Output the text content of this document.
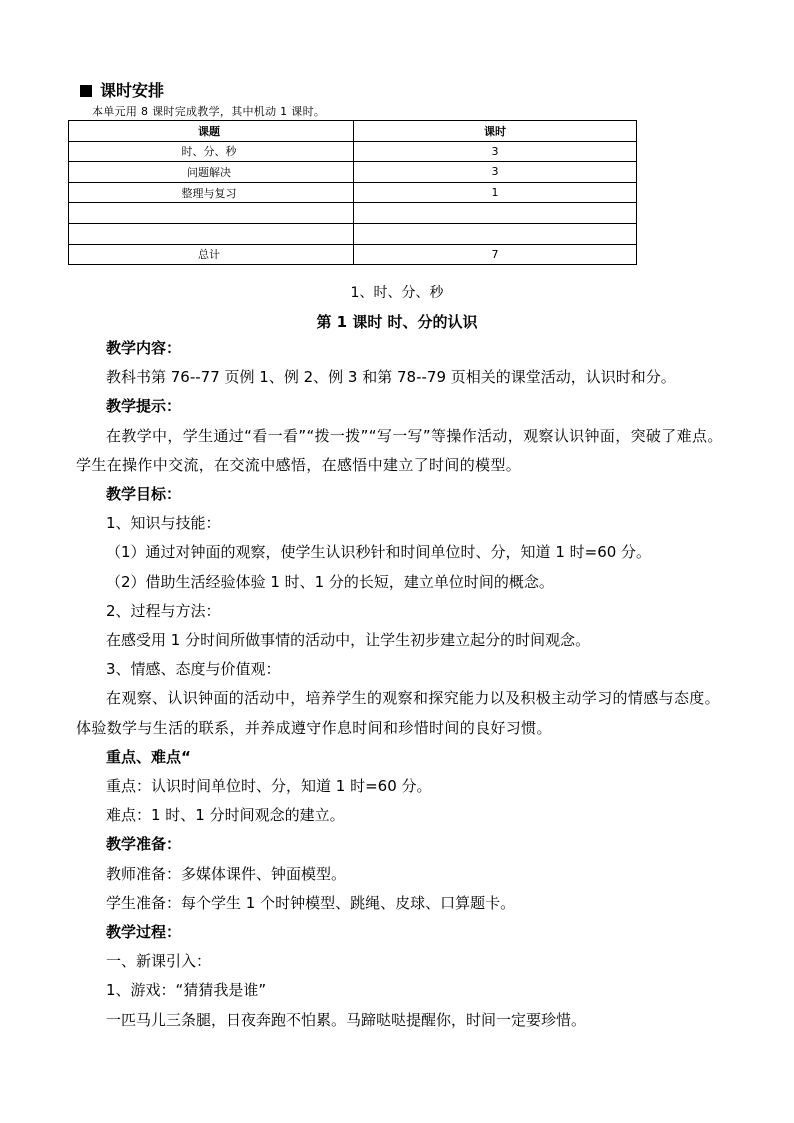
课时安排
本单元用 8 课时完成教学，其中机动 1 课时。
课题	课时
时、分、秒	3
问题解决	3
整理与复习	1

总计	7
1、时、分、秒
第 1 课时 时、分的认识

教学内容：

教科书第 76--77 页例 1、例 2、例 3 和第 78--79 页相关的课堂活动，认识时和分。

教学提示：

在教学中，学生通过“看一看”“拨一拨”“写一写”等操作活动，观察认识钟面，突破了难点。学生在操作中交流，在交流中感悟，在感悟中建立了时间的模型。

教学目标：

1、知识与技能：

（1）通过对钟面的观察，使学生认识秒针和时间单位时、分，知道 1 时=60 分。

（2）借助生活经验体验 1 时、1 分的长短，建立单位时间的概念。

2、过程与方法：

在感受用 1 分时间所做事情的活动中，让学生初步建立起分的时间观念。

3、情感、态度与价值观：

在观察、认识钟面的活动中，培养学生的观察和探究能力以及积极主动学习的情感与态度。体验数学与生活的联系，并养成遵守作息时间和珍惜时间的良好习惯。

重点、难点“

重点：认识时间单位时、分，知道 1 时=60 分。

难点：1 时、1 分时间观念的建立。

教学准备：

教师准备：多媒体课件、钟面模型。

学生准备：每个学生 1 个时钟模型、跳绳、皮球、口算题卡。

教学过程：

一、新课引入：

1、游戏：“猜猜我是谁”

一匹马儿三条腿，日夜奔跑不怕累。马蹄哒哒提醒你，时间一定要珍惜。
